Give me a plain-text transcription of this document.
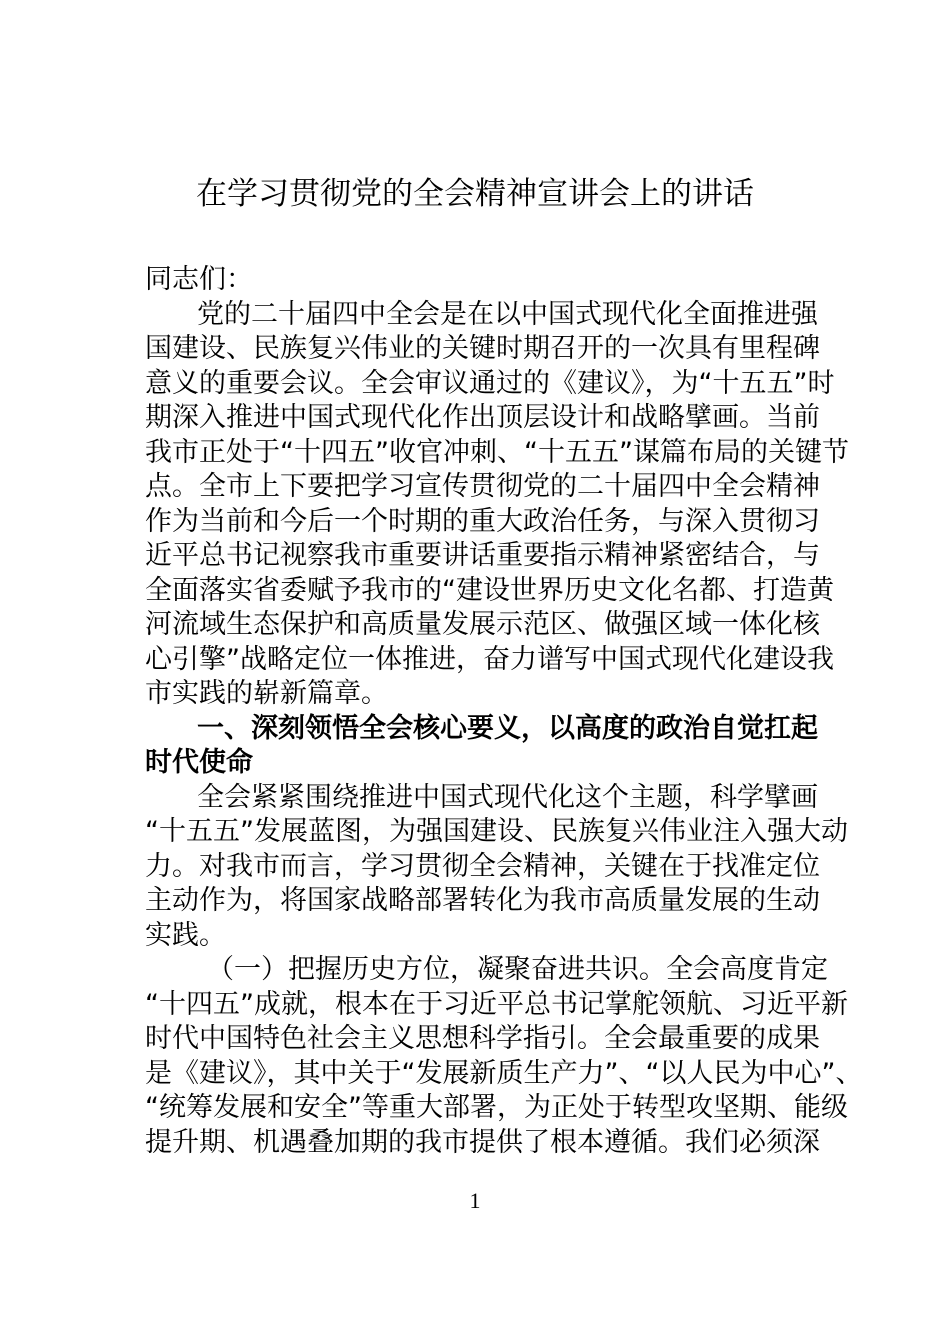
在学习贯彻党的全会精神宣讲会上的讲话
同志们：
党的二十届四中全会是在以中国式现代化全面推进强
国建设、民族复兴伟业的关键时期召开的一次具有里程碑
意义的重要会议。全会审议通过的《建议》，为“十五五”时
期深入推进中国式现代化作出顶层设计和战略擘画。当前
我市正处于“十四五”收官冲刺、“十五五”谋篇布局的关键节
点。全市上下要把学习宣传贯彻党的二十届四中全会精神
作为当前和今后一个时期的重大政治任务，与深入贯彻习
近平总书记视察我市重要讲话重要指示精神紧密结合，与
全面落实省委赋予我市的“建设世界历史文化名都、打造黄
河流域生态保护和高质量发展示范区、做强区域一体化核
心引擎”战略定位一体推进，奋力谱写中国式现代化建设我
市实践的崭新篇章。
一、深刻领悟全会核心要义，以高度的政治自觉扛起
时代使命
全会紧紧围绕推进中国式现代化这个主题，科学擘画
“十五五”发展蓝图，为强国建设、民族复兴伟业注入强大动
力。对我市而言，学习贯彻全会精神，关键在于找准定位
主动作为，将国家战略部署转化为我市高质量发展的生动
实践。
（一）把握历史方位，凝聚奋进共识。全会高度肯定
“十四五”成就，根本在于习近平总书记掌舵领航、习近平新
时代中国特色社会主义思想科学指引。全会最重要的成果
是《建议》，其中关于“发展新质生产力”、“以人民为中心”、
“统筹发展和安全”等重大部署，为正处于转型攻坚期、能级
提升期、机遇叠加期的我市提供了根本遵循。我们必须深
1
